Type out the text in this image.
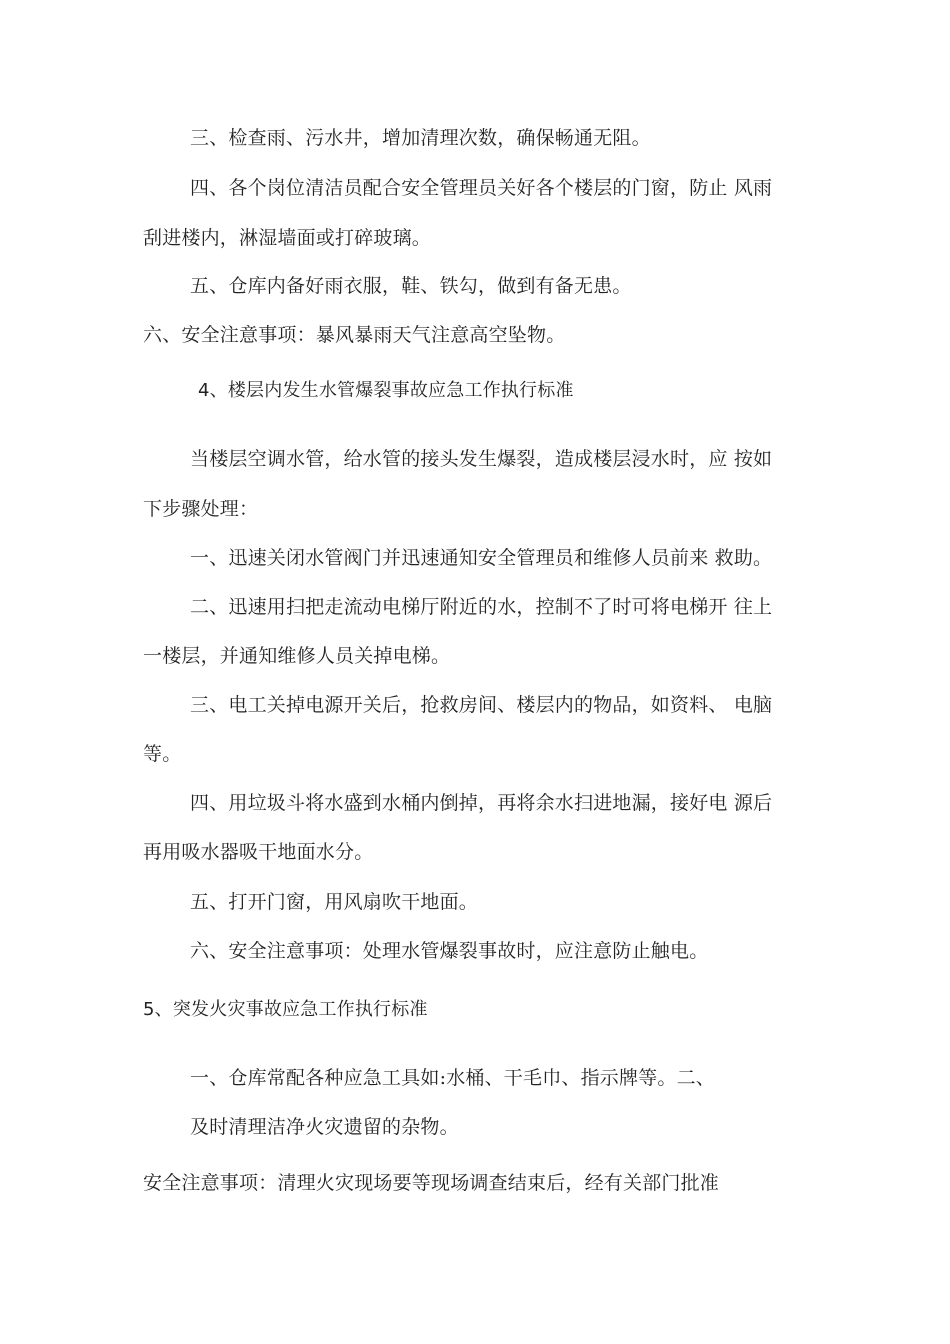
三、检查雨、污水井，增加清理次数，确保畅通无阻。
四、各个岗位清洁员配合安全管理员关好各个楼层的门窗，防止 风雨
刮进楼内，淋湿墙面或打碎玻璃。
五、仓库内备好雨衣服，鞋、铁勾，做到有备无患。
六、安全注意事项：暴风暴雨天气注意高空坠物。
4、楼层内发生水管爆裂事故应急工作执行标准
当楼层空调水管，给水管的接头发生爆裂，造成楼层浸水时，应 按如
下步骤处理：
一、迅速关闭水管阀门并迅速通知安全管理员和维修人员前来 救助。
二、迅速用扫把走流动电梯厅附近的水，控制不了时可将电梯开 往上
一楼层，并通知维修人员关掉电梯。
三、电工关掉电源开关后，抢救房间、楼层内的物品，如资料、 电脑
等。
四、用垃圾斗将水盛到水桶内倒掉，再将余水扫进地漏，接好电 源后
再用吸水器吸干地面水分。
五、打开门窗，用风扇吹干地面。
六、安全注意事项：处理水管爆裂事故时，应注意防止触电。
5、突发火灾事故应急工作执行标准
一、仓库常配各种应急工具如:水桶、干毛巾、指示牌等。二、
及时清理洁净火灾遗留的杂物。
安全注意事项：清理火灾现场要等现场调查结束后，经有关部门批准
